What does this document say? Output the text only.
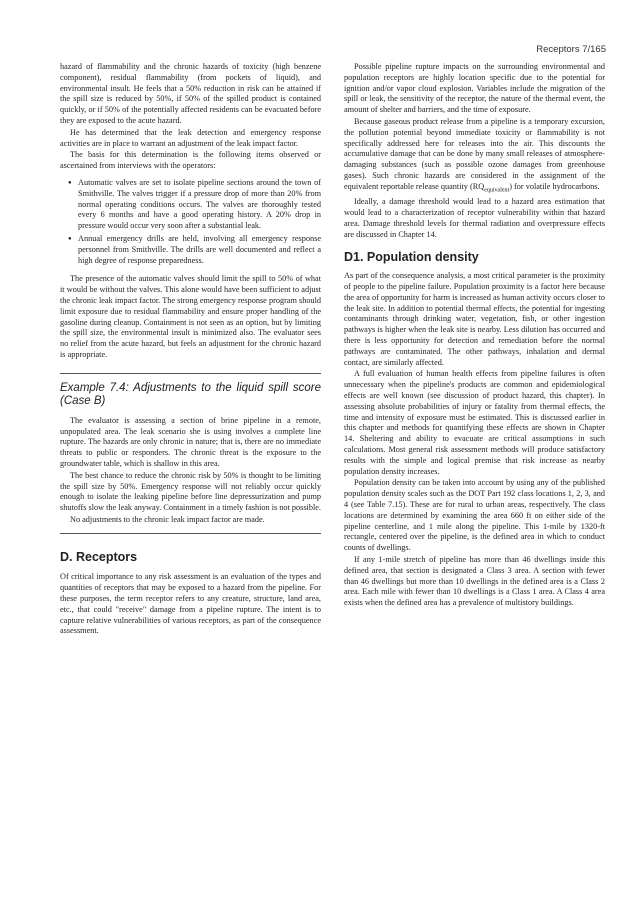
Receptors 7/165

hazard of flammability and the chronic hazards of toxicity (high benzene component), residual flammability (from pockets of liquid), and environmental insult. He feels that a 50% reduction in risk can be attained if the spill size is reduced by 50%, if 50% of the spilled product is contained quickly, or if 50% of the potentially affected residents can be evacuated before they are exposed to the acute hazard.

He has determined that the leak detection and emergency response activities are in place to warrant an adjustment of the leak impact factor.

The basis for this determination is the following items observed or ascertained from interviews with the operators:

● Automatic valves are set to isolate pipeline sections around the town of Smithville. The valves trigger if a pressure drop of more than 20% from normal operating conditions occurs. The valves are thoroughly tested every 6 months and have a good operating history. A 20% drop in pressure would occur very soon after a substantial leak.
● Annual emergency drills are held, involving all emergency response personnel from Smithville. The drills are well documented and reflect a high degree of response preparedness.

The presence of the automatic valves should limit the spill to 50% of what it would be without the valves. This alone would have been sufficient to adjust the chronic leak impact factor. The strong emergency response program should limit exposure due to residual flammability and ensure proper handling of the gasoline during cleanup. Containment is not seen as an option, but by limiting the spill size, the environmental insult is minimized also. The evaluator sees no relief from the acute hazard, but feels an adjustment for the chronic hazard is appropriate.

Example 7.4: Adjustments to the liquid spill score (Case B)

The evaluator is assessing a section of brine pipeline in a remote, unpopulated area. The leak scenario she is using involves a complete line rupture. The hazards are only chronic in nature; that is, there are no immediate threats to public or responders. The chronic threat is the exposure to the groundwater table, which is shallow in this area.

The best chance to reduce the chronic risk by 50% is thought to be limiting the spill size by 50%. Emergency response will not reliably occur quickly enough to isolate the leaking pipeline before line depressurization and pump shutoffs slow the leak anyway. Containment in a timely fashion is not possible.

No adjustments to the chronic leak impact factor are made.

D. Receptors

Of critical importance to any risk assessment is an evaluation of the types and quantities of receptors that may be exposed to a hazard from the pipeline. For these purposes, the term receptor refers to any creature, structure, land area, etc., that could "receive" damage from a pipeline rupture. The intent is to capture relative vulnerabilities of various receptors, as part of the consequence assessment.

Possible pipeline rupture impacts on the surrounding environmental and population receptors are highly location specific due to the potential for ignition and/or vapor cloud explosion. Variables include the migration of the spill or leak, the sensitivity of the receptor, the nature of the thermal event, the amount of shelter and barriers, and the time of exposure.

Because gaseous product release from a pipeline is a temporary excursion, the pollution potential beyond immediate toxicity or flammability is not specifically addressed here for releases into the air. This discounts the accumulative damage that can be done by many small releases of atmosphere-damaging substances (such as possible ozone damages from greenhouse gases). Such chronic hazards are considered in the assignment of the equivalent reportable release quantity $(RQ_{equivalent})$ for volatile hydrocarbons.

Ideally, a damage threshold would lead to a hazard area estimation that would lead to a characterization of receptor vulnerability within that hazard area. Damage threshold levels for thermal radiation and overpressure effects are discussed in Chapter 14.

D1. Population density

As part of the consequence analysis, a most critical parameter is the proximity of people to the pipeline failure. Population proximity is a factor here because the area of opportunity for harm is increased as human activity occurs closer to the leak site. In addition to potential thermal effects, the potential for ingesting contaminants through drinking water, vegetation, fish, or other ingestion pathways is higher when the leak site is nearby. Less dilution has occurred and there is less opportunity for detection and remediation before the normal pathways are contaminated. The other pathways, inhalation and dermal contact, are similarly affected.

A full evaluation of human health effects from pipeline failures is often unnecessary when the pipeline's products are common and epidemiological effects are well known (see discussion of product hazard, this chapter). In assessing absolute probabilities of injury or fatality from thermal effects, the time and intensity of exposure must be estimated. This is discussed earlier in this chapter and methods for quantifying these effects are shown in Chapter 14. Sheltering and ability to evacuate are critical assumptions in such calculations. Most general risk assessment methods will produce satisfactory results with the simple and logical premise that risk increase as nearby population density increases.

Population density can be taken into account by using any of the published population density scales such as the DOT Part 192 class locations 1, 2, 3, and 4 (see Table 7.15). These are for rural to urban areas, respectively. The class locations are determined by examining the area 660 ft on either side of the pipeline centerline, and 1 mile along the pipeline. This 1-mile by 1320-ft rectangle, centered over the pipeline, is the defined area in which to conduct counts of dwellings.

If any 1-mile stretch of pipeline has more than 46 dwellings inside this defined area, that section is designated a Class 3 area. A section with fewer than 46 dwellings but more than 10 dwellings in the defined area is a Class 2 area. Each mile with fewer than 10 dwellings is a Class 1 area. A Class 4 area exists when the defined area has a prevalence of multistory buildings.
